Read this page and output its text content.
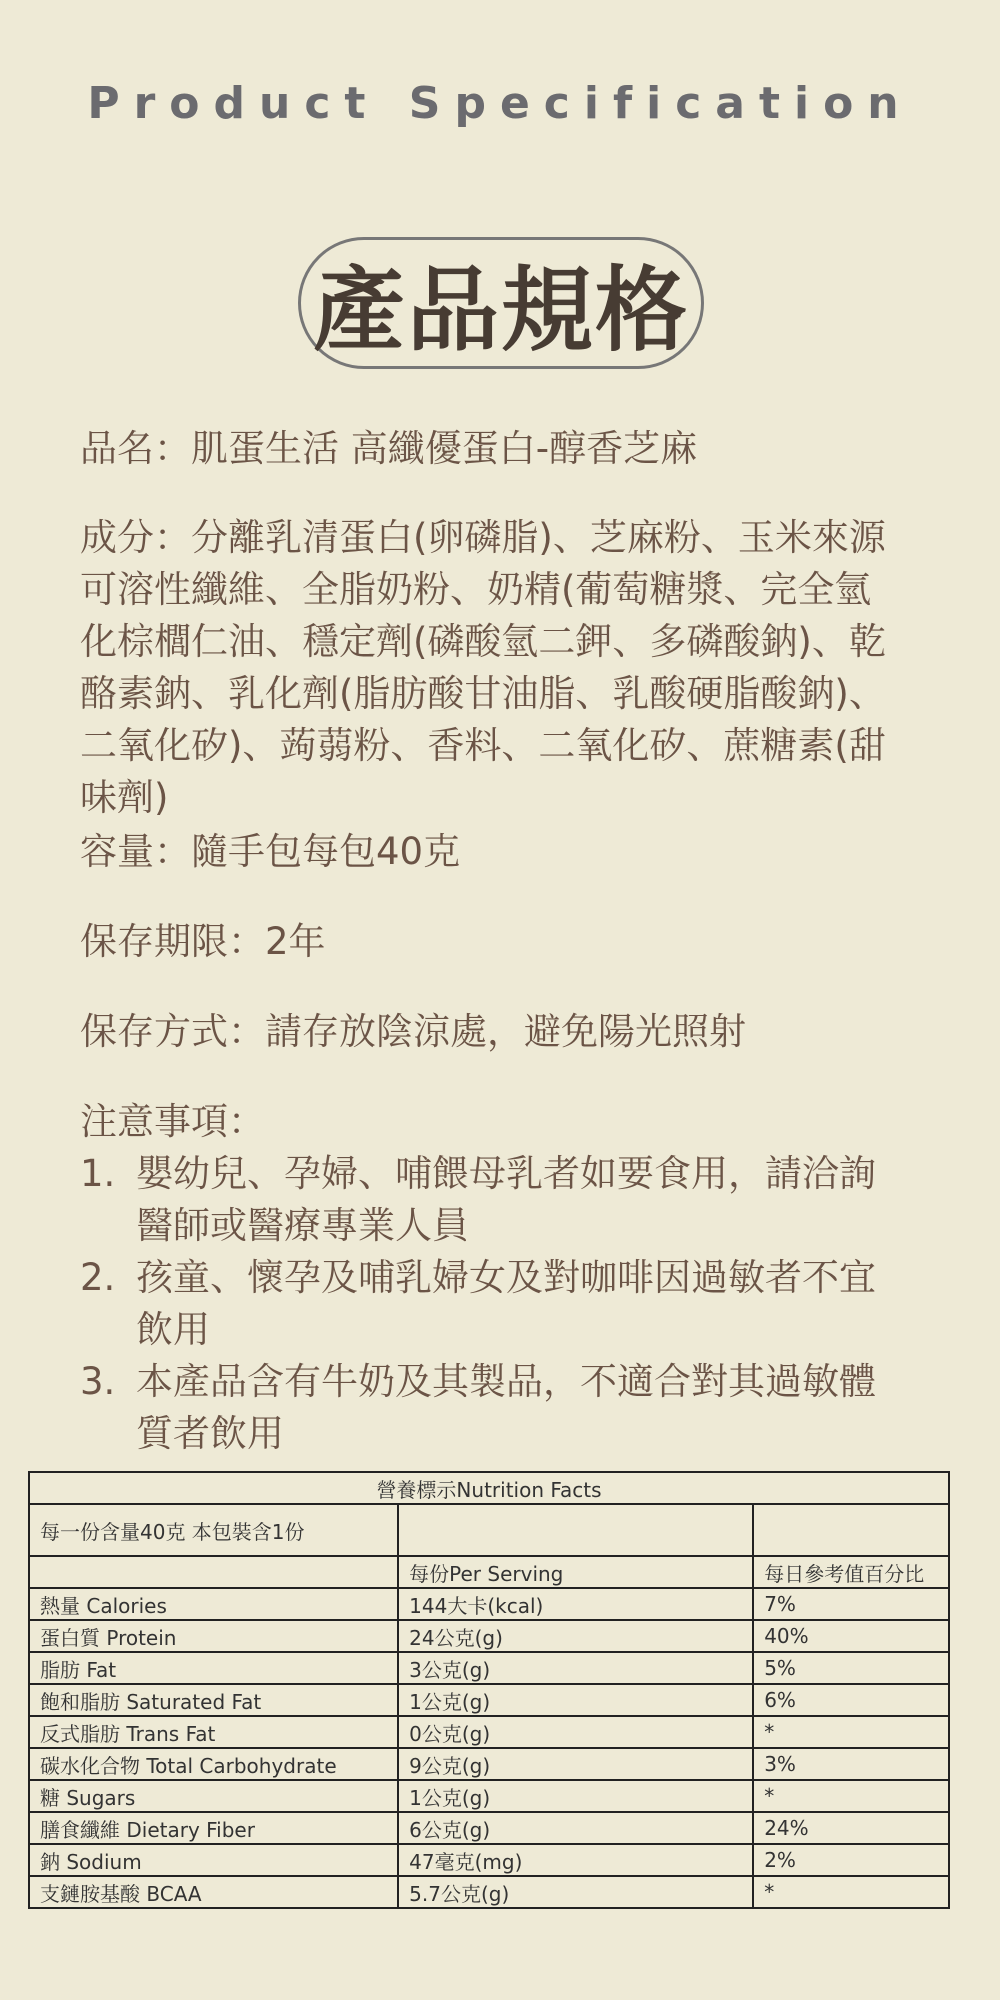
Product Specification
產品規格
品名：肌蛋生活 高纖優蛋白-醇香芝麻
成分：分離乳清蛋白(卵磷脂)、芝麻粉、玉米來源可溶性纖維、全脂奶粉、奶精(葡萄糖漿、完全氫化棕櫚仁油、穩定劑(磷酸氫二鉀、多磷酸鈉)、乾酪素鈉、乳化劑(脂肪酸甘油脂、乳酸硬脂酸鈉)、二氧化矽)、蒟蒻粉、香料、二氧化矽、蔗糖素(甜味劑)
容量：隨手包每包40克
保存期限：2年
保存方式：請存放陰涼處，避免陽光照射
注意事項：
1. 嬰幼兒、孕婦、哺餵母乳者如要食用，請洽詢醫師或醫療專業人員
2. 孩童、懷孕及哺乳婦女及對咖啡因過敏者不宜飲用
3. 本產品含有牛奶及其製品，不適合對其過敏體質者飲用
營養標示Nutrition Facts		
每一份含量40克 本包裝含1份		
	每份Per Serving	每日參考值百分比
熱量 Calories	144大卡(kcal)	7%
蛋白質 Protein	24公克(g)	40%
脂肪 Fat	3公克(g)	5%
飽和脂肪 Saturated Fat	1公克(g)	6%
反式脂肪 Trans Fat	0公克(g)	*
碳水化合物 Total Carbohydrate	9公克(g)	3%
糖 Sugars	1公克(g)	*
膳食纖維 Dietary Fiber	6公克(g)	24%
鈉 Sodium	47毫克(mg)	2%
支鏈胺基酸 BCAA	5.7公克(g)	*
